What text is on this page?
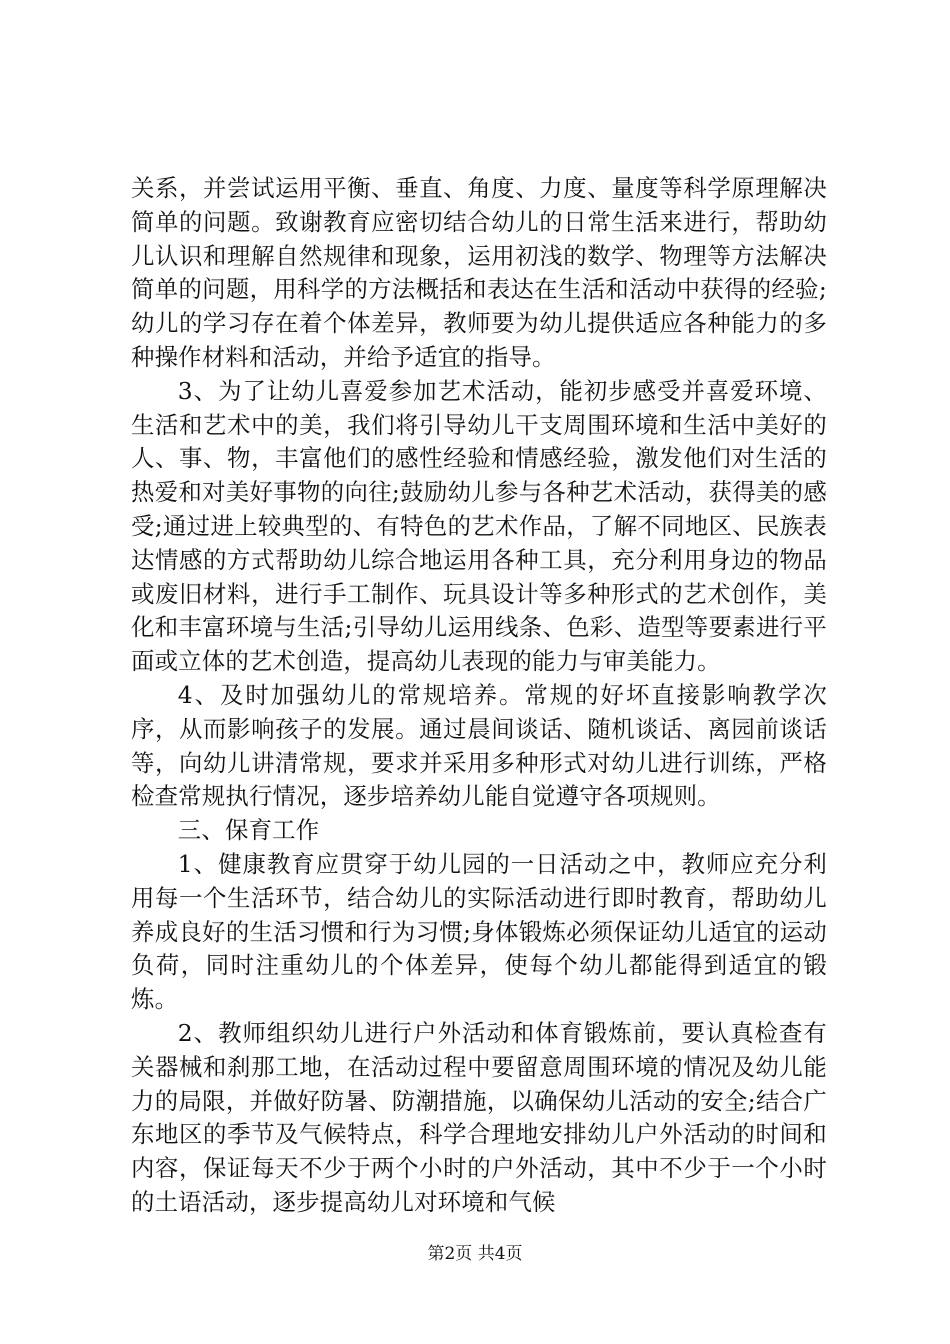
关系，并尝试运用平衡、垂直、角度、力度、量度等科学原理解决简单的问题。致谢教育应密切结合幼儿的日常生活来进行，帮助幼儿认识和理解自然规律和现象，运用初浅的数学、物理等方法解决简单的问题，用科学的方法概括和表达在生活和活动中获得的经验;幼儿的学习存在着个体差异，教师要为幼儿提供适应各种能力的多种操作材料和活动，并给予适宜的指导。

3、为了让幼儿喜爱参加艺术活动，能初步感受并喜爱环境、生活和艺术中的美，我们将引导幼儿干支周围环境和生活中美好的人、事、物，丰富他们的感性经验和情感经验，激发他们对生活的热爱和对美好事物的向往;鼓励幼儿参与各种艺术活动，获得美的感受;通过进上较典型的、有特色的艺术作品，了解不同地区、民族表达情感的方式帮助幼儿综合地运用各种工具，充分利用身边的物品或废旧材料，进行手工制作、玩具设计等多种形式的艺术创作，美化和丰富环境与生活;引导幼儿运用线条、色彩、造型等要素进行平面或立体的艺术创造，提高幼儿表现的能力与审美能力。

4、及时加强幼儿的常规培养。常规的好坏直接影响教学次序，从而影响孩子的发展。通过晨间谈话、随机谈话、离园前谈话等，向幼儿讲清常规，要求并采用多种形式对幼儿进行训练，严格检查常规执行情况，逐步培养幼儿能自觉遵守各项规则。

三、保育工作

1、健康教育应贯穿于幼儿园的一日活动之中，教师应充分利用每一个生活环节，结合幼儿的实际活动进行即时教育，帮助幼儿养成良好的生活习惯和行为习惯;身体锻炼必须保证幼儿适宜的运动负荷，同时注重幼儿的个体差异，使每个幼儿都能得到适宜的锻炼。

2、教师组织幼儿进行户外活动和体育锻炼前，要认真检查有关器械和刹那工地，在活动过程中要留意周围环境的情况及幼儿能力的局限，并做好防暑、防潮措施，以确保幼儿活动的安全;结合广东地区的季节及气候特点，科学合理地安排幼儿户外活动的时间和内容，保证每天不少于两个小时的户外活动，其中不少于一个小时的土语活动，逐步提高幼儿对环境和气候

第2页 共4页
